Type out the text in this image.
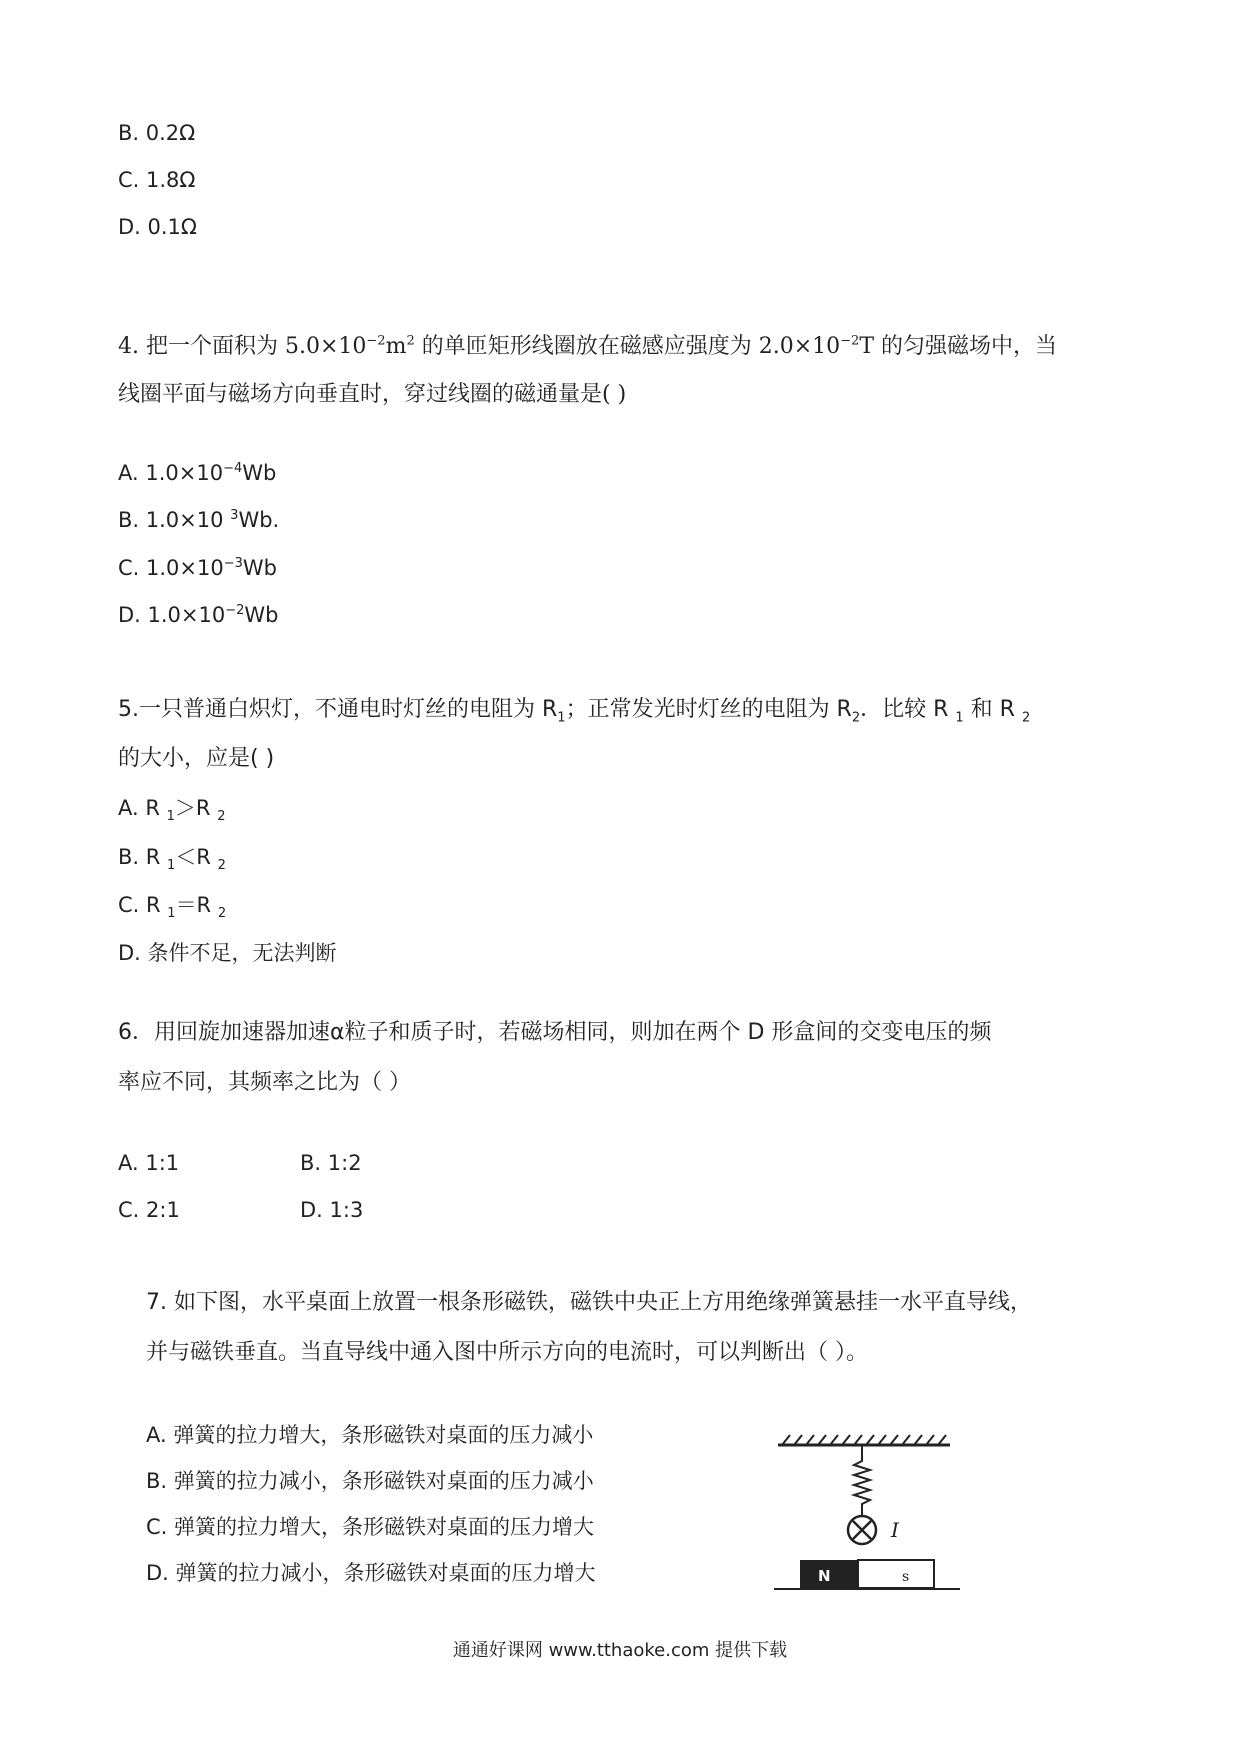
B. 0.2Ω
C. 1.8Ω
D. 0.1Ω
4. 把一个面积为 $5.0\times 10^{-2}m^2$ 的单匝矩形线圈放在磁感应强度为 $2.0\times 10^{-2}T$ 的匀强磁场中，当
线圈平面与磁场方向垂直时，穿过线圈的磁通量是( )
A. $1.0\times 10^{-4}Wb$
B. 1.0×10 $^3$Wb.
C. $1.0\times 10^{-3}Wb$
D. $1.0\times 10^{-2}Wb$
5.一只普通白炽灯，不通电时灯丝的电阻为 $R_1$；正常发光时灯丝的电阻为 $R_2$．比较 R $_1$ 和 R $_2$
的大小，应是( )
A. R $_1$＞R $_2$
B. R $_1$＜R $_2$
C. R $_1$＝R $_2$
D. 条件不足，无法判断
6．用回旋加速器加速α粒子和质子时，若磁场相同，则加在两个 D 形盒间的交变电压的频
率应不同，其频率之比为（ ）
A. 1:1	B. 1:2
C. 2:1	D. 1:3
7. 如下图，水平桌面上放置一根条形磁铁，磁铁中央正上方用绝缘弹簧悬挂一水平直导线，
并与磁铁垂直。当直导线中通入图中所示方向的电流时，可以判断出（ ）。
A. 弹簧的拉力增大，条形磁铁对桌面的压力减小
B. 弹簧的拉力减小，条形磁铁对桌面的压力减小
C. 弹簧的拉力增大，条形磁铁对桌面的压力增大
D. 弹簧的拉力减小，条形磁铁对桌面的压力增大
I
N	s
通通好课网 www.tthaoke.com 提供下载
